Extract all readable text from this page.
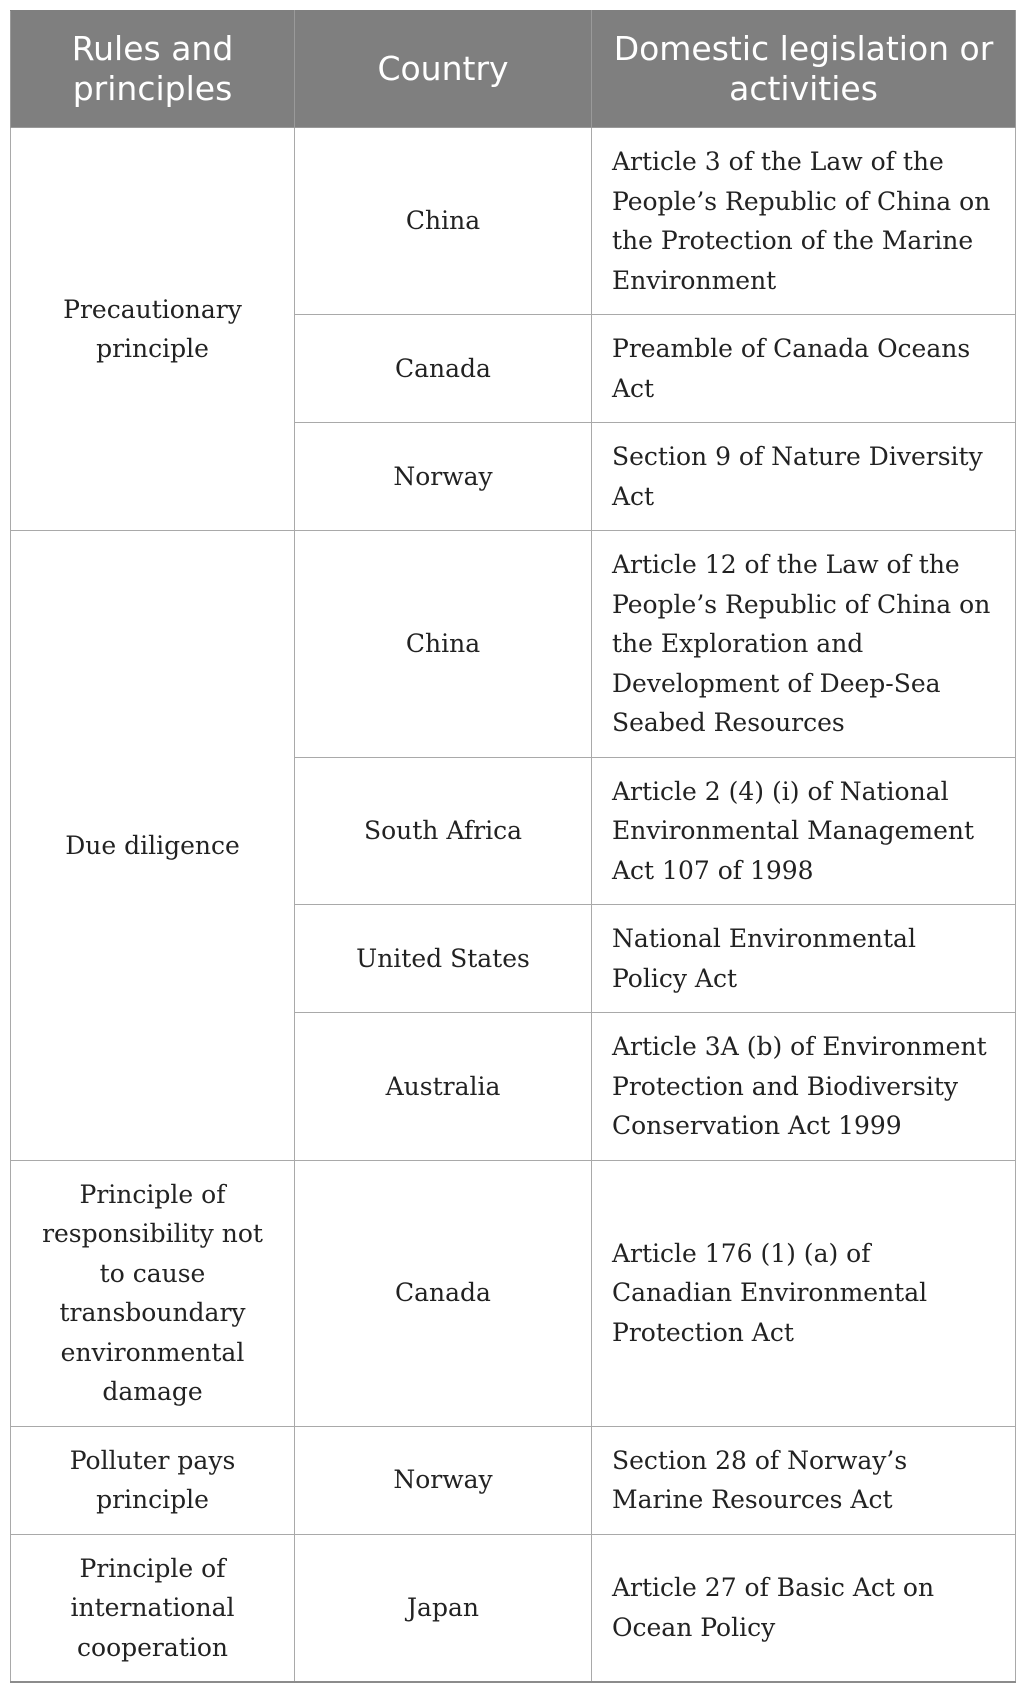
Rules and principles	Country	Domestic legislation or activities
Precautionary principle	China	Article 3 of the Law of the People’s Republic of China on the Protection of the Marine Environment
	Canada	Preamble of Canada Oceans Act
	Norway	Section 9 of Nature Diversity Act
Due diligence	China	Article 12 of the Law of the People’s Republic of China on the Exploration and Development of Deep-Sea Seabed Resources
	South Africa	Article 2 (4) (i) of National Environmental Management Act 107 of 1998
	United States	National Environmental Policy Act
	Australia	Article 3A (b) of Environment Protection and Biodiversity Conservation Act 1999
Principle of responsibility not to cause transboundary environmental damage	Canada	Article 176 (1) (a) of Canadian Environmental Protection Act
Polluter pays principle	Norway	Section 28 of Norway’s Marine Resources Act
Principle of international cooperation	Japan	Article 27 of Basic Act on Ocean Policy
